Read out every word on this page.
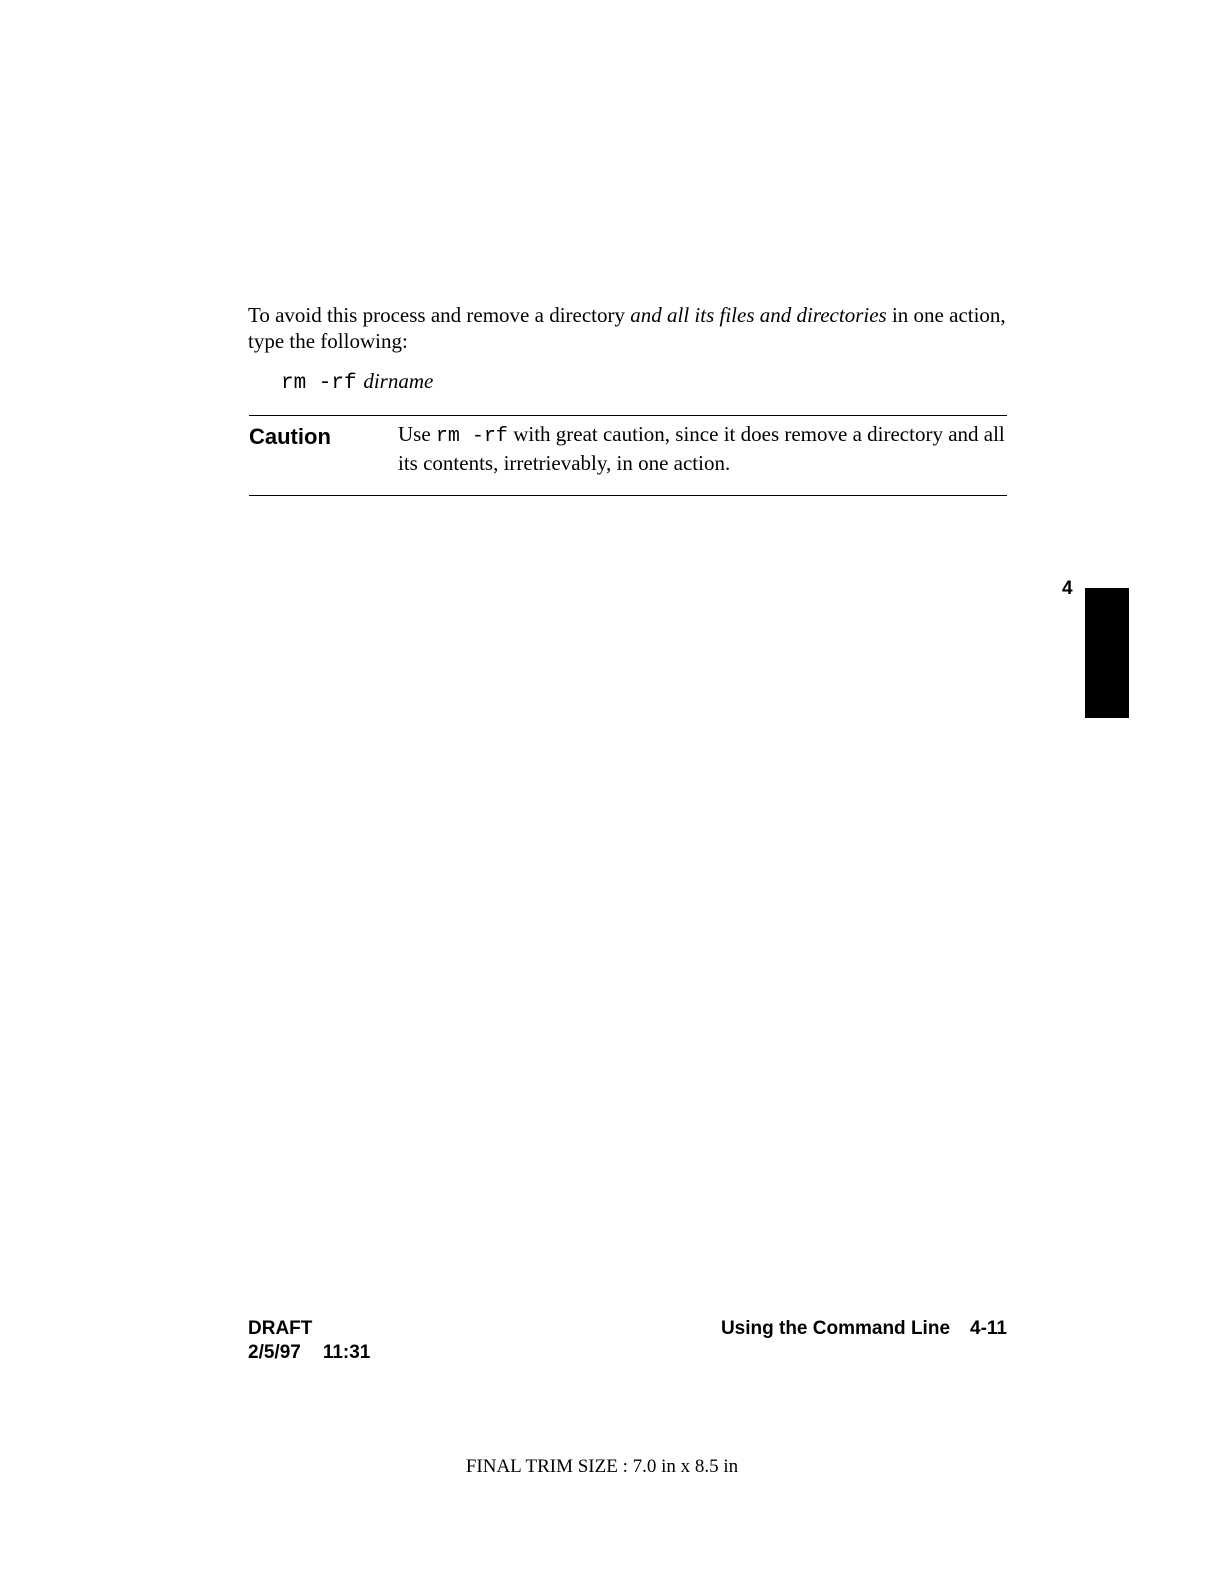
To avoid this process and remove a directory and all its files and directories in one action, type the following:

rm -rf dirname
Caution	Use rm -rf with great caution, since it does remove a directory and all its contents, irretrievably, in one action.

4
DRAFT
2/5/97 11:31
Using the Command Line 4-11
FINAL TRIM SIZE : 7.0 in x 8.5 in
